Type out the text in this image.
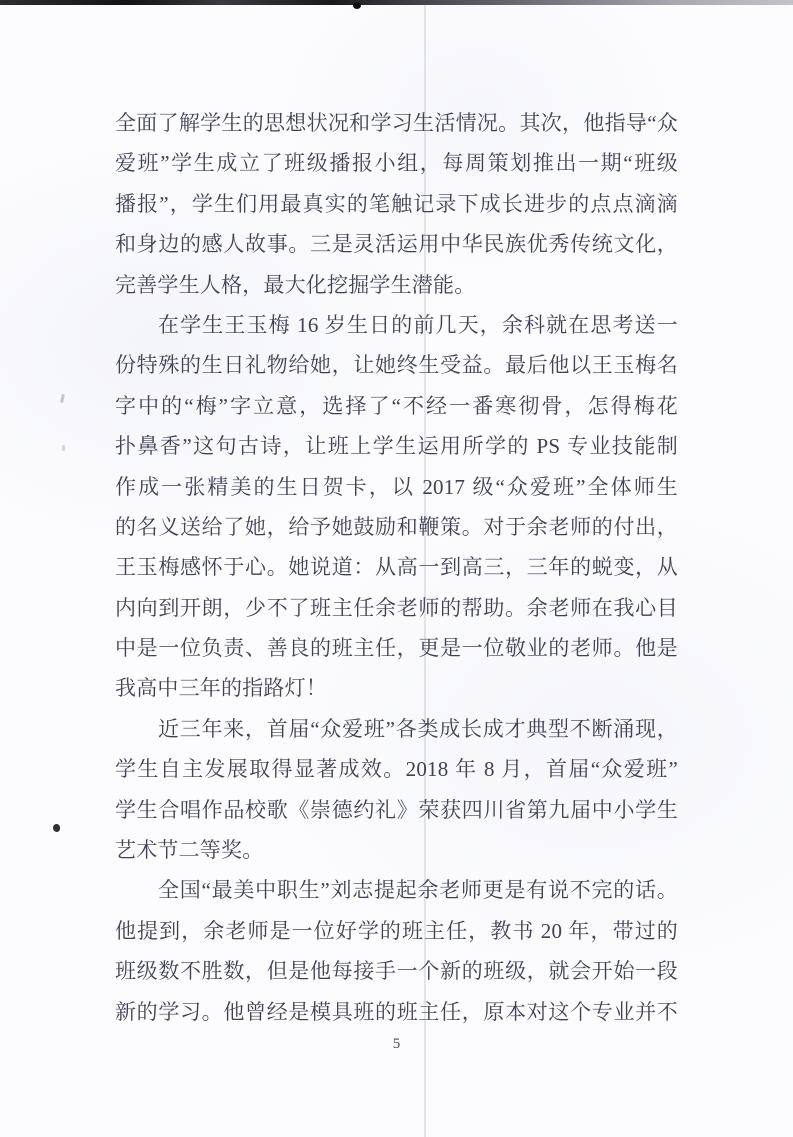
全面了解学生的思想状况和学习生活情况。其次，他指导“众
爱班”学生成立了班级播报小组，每周策划推出一期“班级
播报”，学生们用最真实的笔触记录下成长进步的点点滴滴
和身边的感人故事。三是灵活运用中华民族优秀传统文化，
完善学生人格，最大化挖掘学生潜能。
在学生王玉梅 16 岁生日的前几天，余科就在思考送一
份特殊的生日礼物给她，让她终生受益。最后他以王玉梅名
字中的“梅”字立意，选择了“不经一番寒彻骨，怎得梅花
扑鼻香”这句古诗，让班上学生运用所学的 PS 专业技能制
作成一张精美的生日贺卡，以 2017 级“众爱班”全体师生
的名义送给了她，给予她鼓励和鞭策。对于余老师的付出，
王玉梅感怀于心。她说道：从高一到高三，三年的蜕变，从
内向到开朗，少不了班主任余老师的帮助。余老师在我心目
中是一位负责、善良的班主任，更是一位敬业的老师。他是
我高中三年的指路灯！
近三年来，首届“众爱班”各类成长成才典型不断涌现，
学生自主发展取得显著成效。2018 年 8 月，首届“众爱班”
学生合唱作品校歌《崇德约礼》荣获四川省第九届中小学生
艺术节二等奖。
全国“最美中职生”刘志提起余老师更是有说不完的话。
他提到，余老师是一位好学的班主任，教书 20 年，带过的
班级数不胜数，但是他每接手一个新的班级，就会开始一段
新的学习。他曾经是模具班的班主任，原本对这个专业并不
5
